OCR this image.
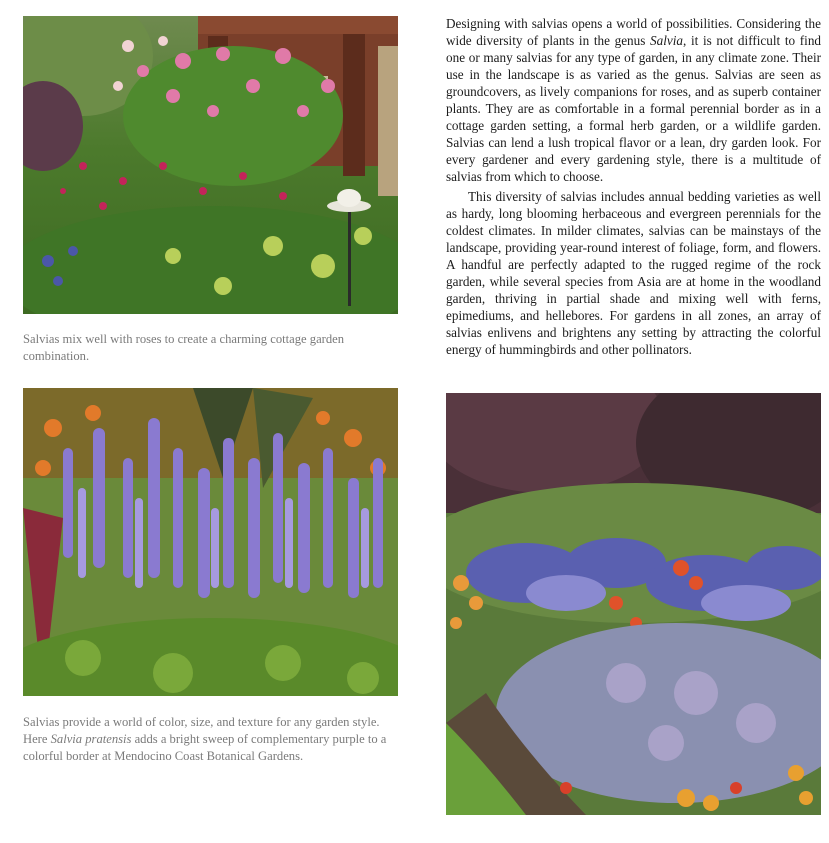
Salvias mix well with roses to create a charming cottage garden combination.

Salvias provide a world of color, size, and texture for any garden style. Here Salvia pratensis adds a bright sweep of complementary purple to a colorful border at Mendocino Coast Botanical Gardens.

Designing with salvias opens a world of possibilities. Considering the wide diversity of plants in the genus Salvia, it is not difficult to find one or many salvias for any type of garden, in any climate zone. Their use in the landscape is as varied as the genus. Salvias are seen as groundcovers, as lively companions for roses, and as superb container plants. They are as comfortable in a formal perennial border as in a cottage garden setting, a formal herb garden, or a wildlife garden. Salvias can lend a lush tropical flavor or a lean, dry garden look. For every gardener and every gardening style, there is a multitude of salvias from which to choose.

This diversity of salvias includes annual bedding varieties as well as hardy, long blooming herbaceous and evergreen perennials for the coldest climates. In milder climates, salvias can be mainstays of the landscape, providing year-round interest of foliage, form, and flowers. A handful are perfectly adapted to the rugged regime of the rock garden, while several species from Asia are at home in the woodland garden, thriving in partial shade and mixing well with ferns, epimediums, and hellebores. For gardens in all zones, an array of salvias enlivens and brightens any setting by attracting the colorful energy of hummingbirds and other pollinators.
